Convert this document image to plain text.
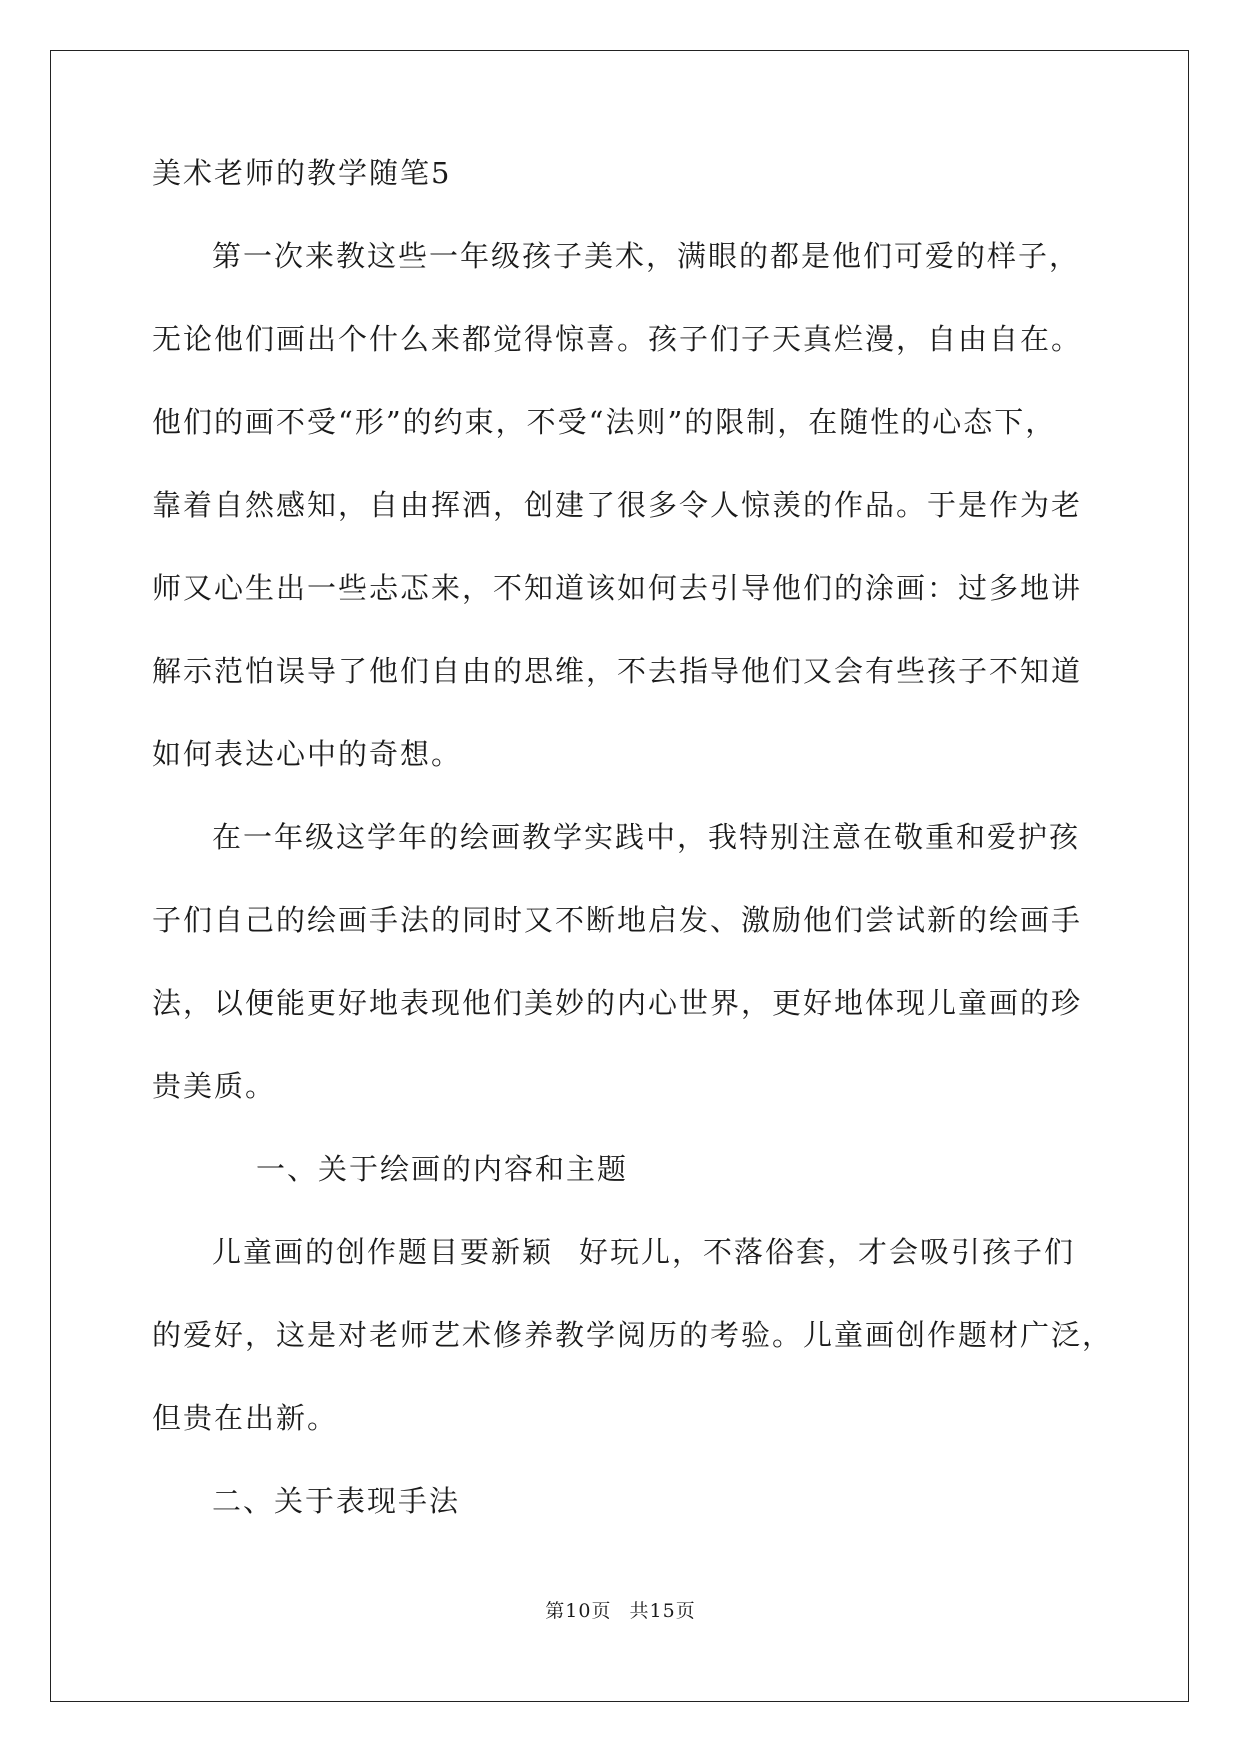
美术老师的教学随笔5
第一次来教这些一年级孩子美术，满眼的都是他们可爱的样子，
无论他们画出个什么来都觉得惊喜。孩子们子天真烂漫，自由自在。
他们的画不受“形”的约束，不受“法则”的限制，在随性的心态下，
靠着自然感知，自由挥洒，创建了很多令人惊羡的作品。于是作为老
师又心生出一些忐忑来，不知道该如何去引导他们的涂画：过多地讲
解示范怕误导了他们自由的思维，不去指导他们又会有些孩子不知道
如何表达心中的奇想。
在一年级这学年的绘画教学实践中，我特别注意在敬重和爱护孩
子们自己的绘画手法的同时又不断地启发、激励他们尝试新的绘画手
法，以便能更好地表现他们美妙的内心世界，更好地体现儿童画的珍
贵美质。
一、关于绘画的内容和主题
儿童画的创作题目要新颖 好玩儿，不落俗套，才会吸引孩子们
的爱好，这是对老师艺术修养教学阅历的考验。儿童画创作题材广泛，
但贵在出新。
二、关于表现手法
第10页 共15页
